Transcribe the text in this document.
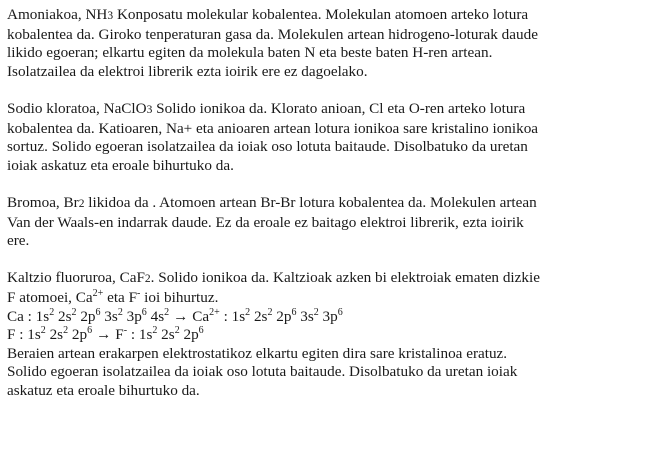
Amoniakoa, NH3 Konposatu molekular kobalentea. Molekulan atomoen arteko lotura
kobalentea da. Giroko tenperaturan gasa da. Molekulen artean hidrogeno-loturak daude
likido egoeran; elkartu egiten da molekula baten N eta beste baten H-ren artean.
Isolatzailea da elektroi librerik ezta ioirik ere ez dagoelako.
Sodio kloratoa, NaClO3 Solido ionikoa da. Klorato anioan, Cl eta O-ren arteko lotura
kobalentea da. Katioaren, Na+ eta anioaren artean lotura ionikoa sare kristalino ionikoa
sortuz. Solido egoeran isolatzailea da ioiak oso lotuta baitaude. Disolbatuko da uretan
ioiak askatuz eta eroale bihurtuko da.
Bromoa, Br2 likidoa da . Atomoen artean Br-Br lotura kobalentea da. Molekulen artean
Van der Waals-en indarrak daude. Ez da eroale ez baitago elektroi librerik, ezta ioirik
ere.
Kaltzio fluoruroa, CaF2. Solido ionikoa da. Kaltzioak azken bi elektroiak ematen dizkie
F atomoei, $Ca^{2+}$ eta F- ioi bihurtuz.
Ca : $1s^2$ $2s^2$ $2p^6$ $3s^2$ $3p^6$ $4s^2 \to Ca^{2+}$ : $1s^2$ $2s^2$ $2p^6$ $3s^2$ $3p^6$
F : $1s^2$ $2s^2$ $2p^6 \to F^-$ : $1s^2$ $2s^2$ $2p^6$
Beraien artean erakarpen elektrostatikoz elkartu egiten dira sare kristalinoa eratuz.
Solido egoeran isolatzailea da ioiak oso lotuta baitaude. Disolbatuko da uretan ioiak
askatuz eta eroale bihurtuko da.
